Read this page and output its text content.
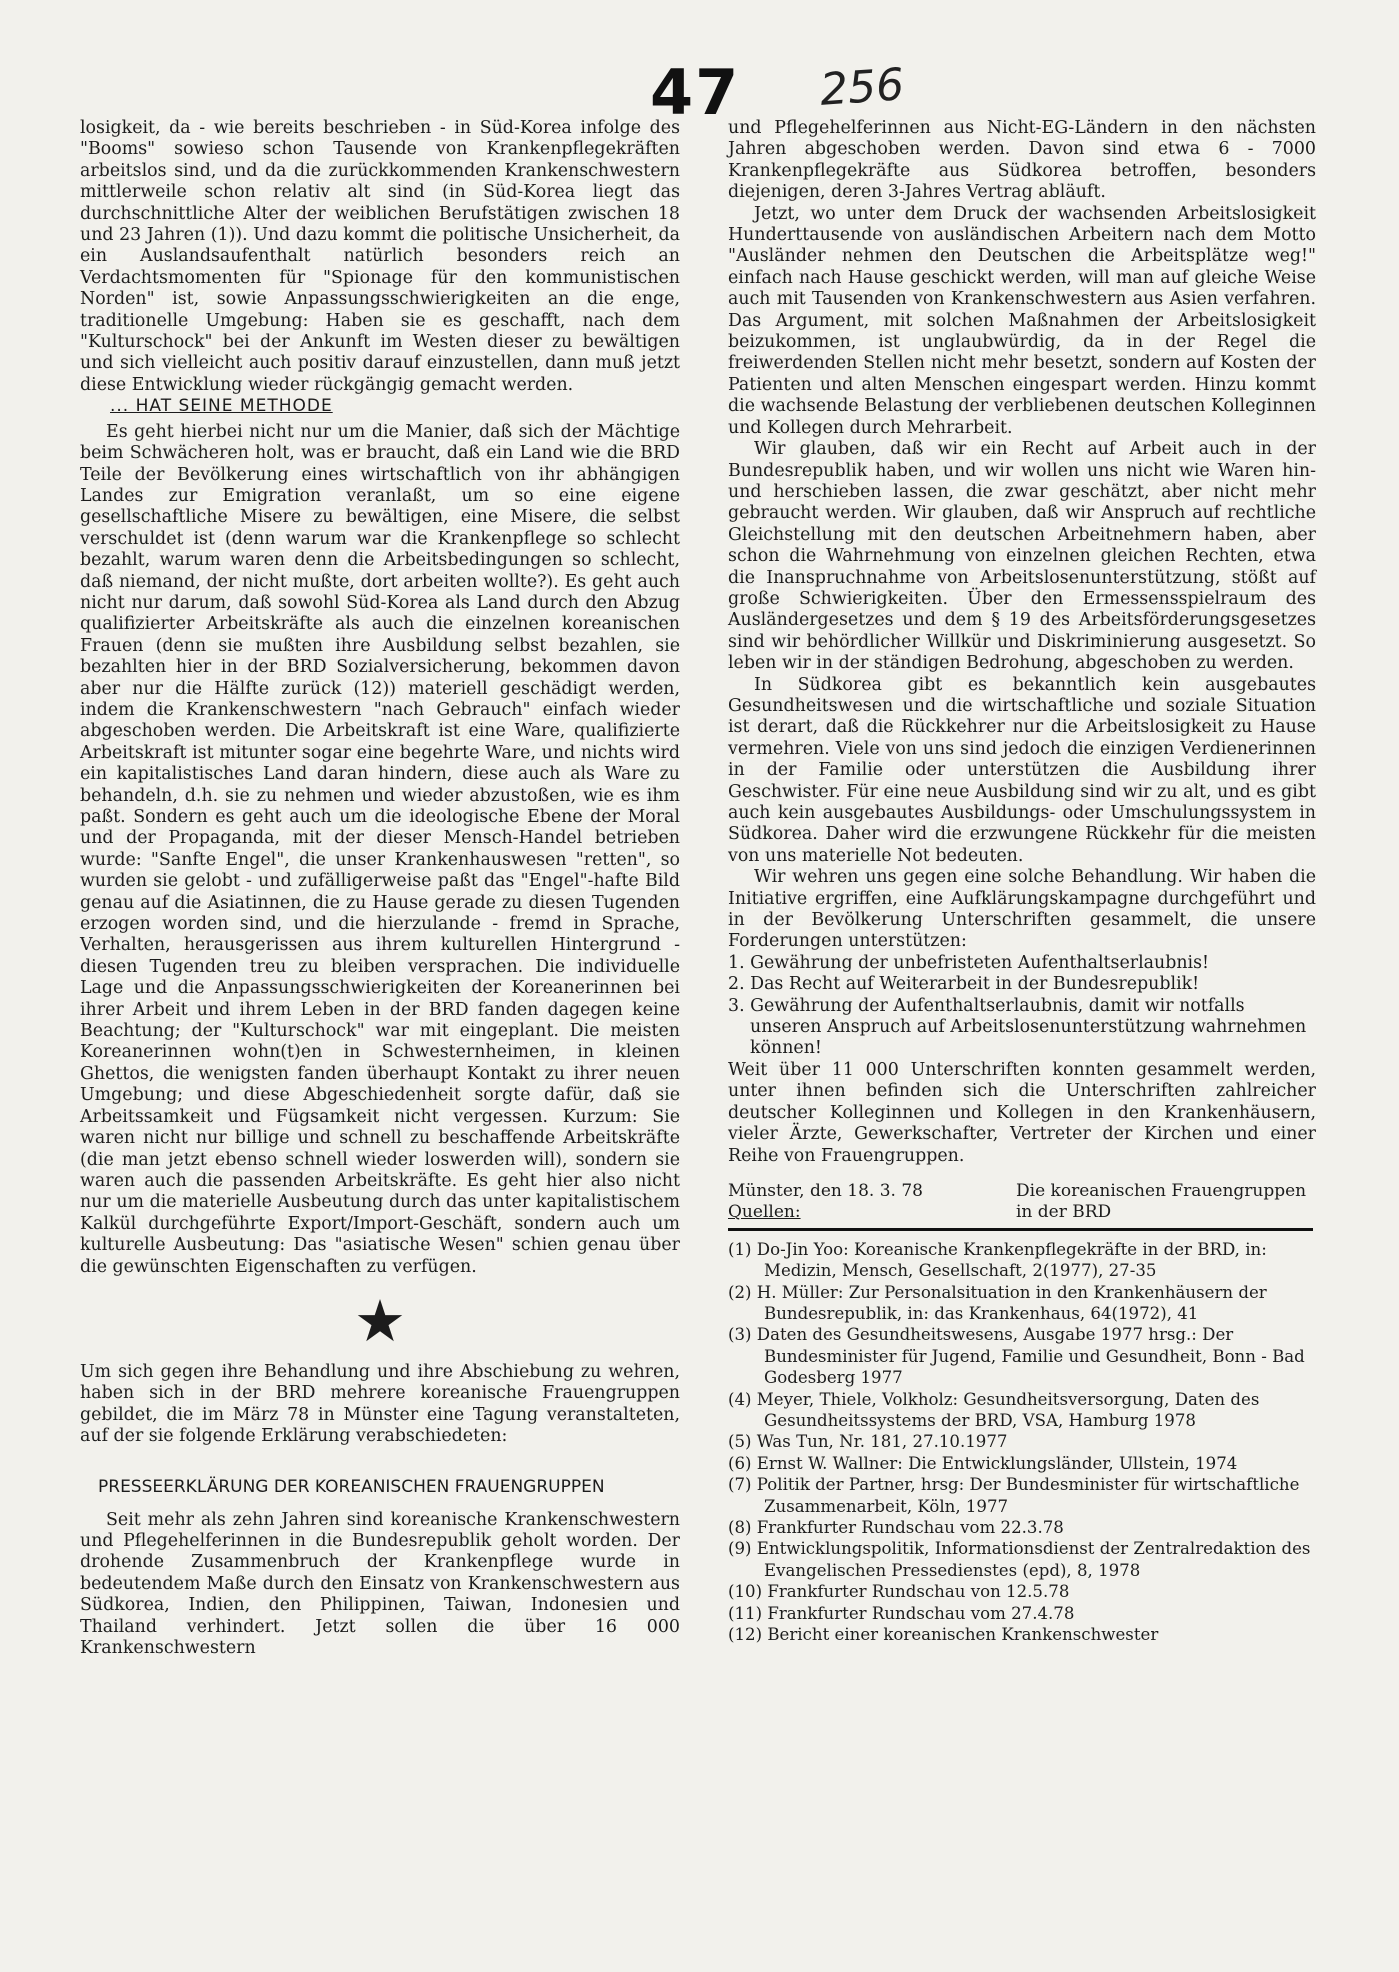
47 256

losigkeit, da - wie bereits beschrieben - in Süd-Korea infolge des "Booms" sowieso schon Tausende von Krankenpflegekräften arbeitslos sind, und da die zurückkommenden Krankenschwestern mittlerweile schon relativ alt sind (in Süd-Korea liegt das durchschnittliche Alter der weiblichen Berufstätigen zwischen 18 und 23 Jahren (1)). Und dazu kommt die politische Unsicherheit, da ein Auslandsaufenthalt natürlich besonders reich an Verdachtsmomenten für "Spionage für den kommunistischen Norden" ist, sowie Anpassungsschwierigkeiten an die enge, traditionelle Umgebung: Haben sie es geschafft, nach dem "Kulturschock" bei der Ankunft im Westen dieser zu bewältigen und sich vielleicht auch positiv darauf einzustellen, dann muß jetzt diese Entwicklung wieder rückgängig gemacht werden.

... HAT SEINE METHODE

Es geht hierbei nicht nur um die Manier, daß sich der Mächtige beim Schwächeren holt, was er braucht, daß ein Land wie die BRD Teile der Bevölkerung eines wirtschaftlich von ihr abhängigen Landes zur Emigration veranlaßt, um so eine eigene gesellschaftliche Misere zu bewältigen, eine Misere, die selbst verschuldet ist (denn warum war die Krankenpflege so schlecht bezahlt, warum waren denn die Arbeitsbedingungen so schlecht, daß niemand, der nicht mußte, dort arbeiten wollte?). Es geht auch nicht nur darum, daß sowohl Süd-Korea als Land durch den Abzug qualifizierter Arbeitskräfte als auch die einzelnen koreanischen Frauen (denn sie mußten ihre Ausbildung selbst bezahlen, sie bezahlten hier in der BRD Sozialversicherung, bekommen davon aber nur die Hälfte zurück (12)) materiell geschädigt werden, indem die Krankenschwestern "nach Gebrauch" einfach wieder abgeschoben werden. Die Arbeitskraft ist eine Ware, qualifizierte Arbeitskraft ist mitunter sogar eine begehrte Ware, und nichts wird ein kapitalistisches Land daran hindern, diese auch als Ware zu behandeln, d.h. sie zu nehmen und wieder abzustoßen, wie es ihm paßt. Sondern es geht auch um die ideologische Ebene der Moral und der Propaganda, mit der dieser Mensch-Handel betrieben wurde: "Sanfte Engel", die unser Krankenhauswesen "retten", so wurden sie gelobt - und zufälligerweise paßt das "Engel"-hafte Bild genau auf die Asiatinnen, die zu Hause gerade zu diesen Tugenden erzogen worden sind, und die hierzulande - fremd in Sprache, Verhalten, herausgerissen aus ihrem kulturellen Hintergrund - diesen Tugenden treu zu bleiben versprachen. Die individuelle Lage und die Anpassungsschwierigkeiten der Koreanerinnen bei ihrer Arbeit und ihrem Leben in der BRD fanden dagegen keine Beachtung; der "Kulturschock" war mit eingeplant. Die meisten Koreanerinnen wohn(t)en in Schwesternheimen, in kleinen Ghettos, die wenigsten fanden überhaupt Kontakt zu ihrer neuen Umgebung; und diese Abgeschiedenheit sorgte dafür, daß sie Arbeitssamkeit und Fügsamkeit nicht vergessen. Kurzum: Sie waren nicht nur billige und schnell zu beschaffende Arbeitskräfte (die man jetzt ebenso schnell wieder loswerden will), sondern sie waren auch die passenden Arbeitskräfte. Es geht hier also nicht nur um die materielle Ausbeutung durch das unter kapitalistischem Kalkül durchgeführte Export/Import-Geschäft, sondern auch um kulturelle Ausbeutung: Das "asiatische Wesen" schien genau über die gewünschten Eigenschaften zu verfügen.

★

Um sich gegen ihre Behandlung und ihre Abschiebung zu wehren, haben sich in der BRD mehrere koreanische Frauengruppen gebildet, die im März 78 in Münster eine Tagung veranstalteten, auf der sie folgende Erklärung verabschiedeten:

PRESSEERKLÄRUNG DER KOREANISCHEN FRAUENGRUPPEN

Seit mehr als zehn Jahren sind koreanische Krankenschwestern und Pflegehelferinnen in die Bundesrepublik geholt worden. Der drohende Zusammenbruch der Krankenpflege wurde in bedeutendem Maße durch den Einsatz von Krankenschwestern aus Südkorea, Indien, den Philippinen, Taiwan, Indonesien und Thailand verhindert. Jetzt sollen die über 16 000 Krankenschwestern

und Pflegehelferinnen aus Nicht-EG-Ländern in den nächsten Jahren abgeschoben werden. Davon sind etwa 6 - 7000 Krankenpflegekräfte aus Südkorea betroffen, besonders diejenigen, deren 3-Jahres Vertrag abläuft.

Jetzt, wo unter dem Druck der wachsenden Arbeitslosigkeit Hunderttausende von ausländischen Arbeitern nach dem Motto "Ausländer nehmen den Deutschen die Arbeitsplätze weg!" einfach nach Hause geschickt werden, will man auf gleiche Weise auch mit Tausenden von Krankenschwestern aus Asien verfahren. Das Argument, mit solchen Maßnahmen der Arbeitslosigkeit beizukommen, ist unglaubwürdig, da in der Regel die freiwerdenden Stellen nicht mehr besetzt, sondern auf Kosten der Patienten und alten Menschen eingespart werden. Hinzu kommt die wachsende Belastung der verbliebenen deutschen Kolleginnen und Kollegen durch Mehrarbeit.

Wir glauben, daß wir ein Recht auf Arbeit auch in der Bundesrepublik haben, und wir wollen uns nicht wie Waren hin- und herschieben lassen, die zwar geschätzt, aber nicht mehr gebraucht werden. Wir glauben, daß wir Anspruch auf rechtliche Gleichstellung mit den deutschen Arbeitnehmern haben, aber schon die Wahrnehmung von einzelnen gleichen Rechten, etwa die Inanspruchnahme von Arbeitslosenunterstützung, stößt auf große Schwierigkeiten. Über den Ermessensspielraum des Ausländergesetzes und dem § 19 des Arbeitsförderungsgesetzes sind wir behördlicher Willkür und Diskriminierung ausgesetzt. So leben wir in der ständigen Bedrohung, abgeschoben zu werden.

In Südkorea gibt es bekanntlich kein ausgebautes Gesundheitswesen und die wirtschaftliche und soziale Situation ist derart, daß die Rückkehrer nur die Arbeitslosigkeit zu Hause vermehren. Viele von uns sind jedoch die einzigen Verdienerinnen in der Familie oder unterstützen die Ausbildung ihrer Geschwister. Für eine neue Ausbildung sind wir zu alt, und es gibt auch kein ausgebautes Ausbildungs- oder Umschulungssystem in Südkorea. Daher wird die erzwungene Rückkehr für die meisten von uns materielle Not bedeuten.

Wir wehren uns gegen eine solche Behandlung. Wir haben die Initiative ergriffen, eine Aufklärungskampagne durchgeführt und in der Bevölkerung Unterschriften gesammelt, die unsere Forderungen unterstützen:

1. Gewährung der unbefristeten Aufenthaltserlaubnis!
2. Das Recht auf Weiterarbeit in der Bundesrepublik!
3. Gewährung der Aufenthaltserlaubnis, damit wir notfalls unseren Anspruch auf Arbeitslosenunterstützung wahrnehmen können!

Weit über 11 000 Unterschriften konnten gesammelt werden, unter ihnen befinden sich die Unterschriften zahlreicher deutscher Kolleginnen und Kollegen in den Krankenhäusern, vieler Ärzte, Gewerkschafter, Vertreter der Kirchen und einer Reihe von Frauengruppen.

Münster, den 18. 3. 78
Quellen:
Die koreanischen Frauengruppen in der BRD
(1) Do-Jin Yoo: Koreanische Krankenpflegekräfte in der BRD, in: Medizin, Mensch, Gesellschaft, 2(1977), 27-35
(2) H. Müller: Zur Personalsituation in den Krankenhäusern der Bundesrepublik, in: das Krankenhaus, 64(1972), 41
(3) Daten des Gesundheitswesens, Ausgabe 1977 hrsg.: Der Bundesminister für Jugend, Familie und Gesundheit, Bonn - Bad Godesberg 1977
(4) Meyer, Thiele, Volkholz: Gesundheitsversorgung, Daten des Gesundheitssystems der BRD, VSA, Hamburg 1978
(5) Was Tun, Nr. 181, 27.10.1977
(6) Ernst W. Wallner: Die Entwicklungsländer, Ullstein, 1974
(7) Politik der Partner, hrsg: Der Bundesminister für wirtschaftliche Zusammenarbeit, Köln, 1977
(8) Frankfurter Rundschau vom 22.3.78
(9) Entwicklungspolitik, Informationsdienst der Zentralredaktion des Evangelischen Pressedienstes (epd), 8, 1978
(10) Frankfurter Rundschau von 12.5.78
(11) Frankfurter Rundschau vom 27.4.78
(12) Bericht einer koreanischen Krankenschwester
